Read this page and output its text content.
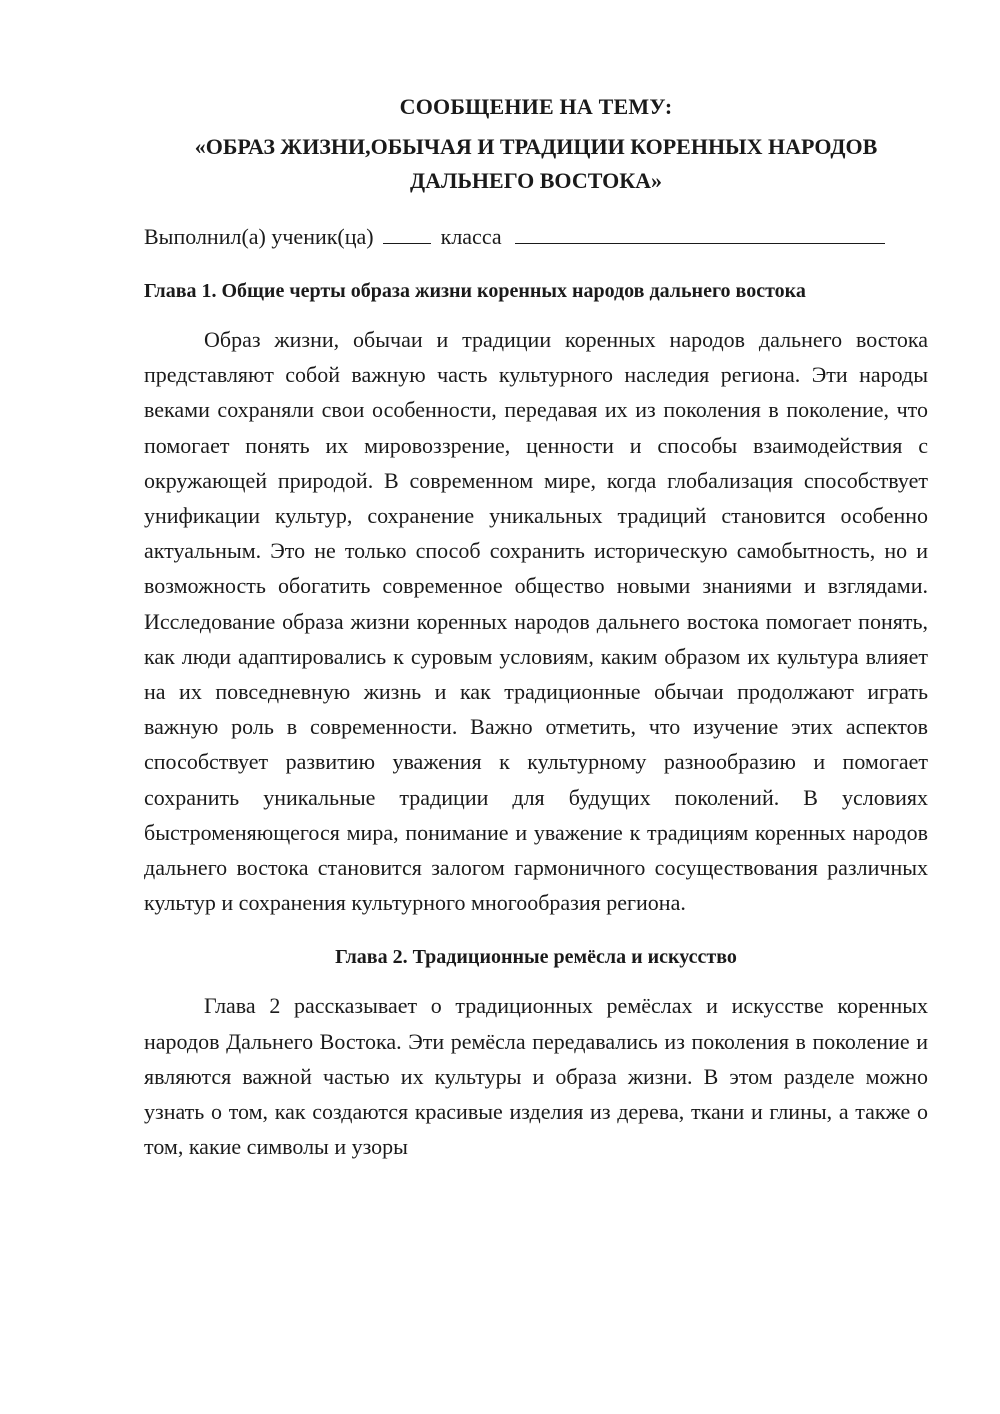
СООБЩЕНИЕ НА ТЕМУ:
«ОБРАЗ ЖИЗНИ,ОБЫЧАЯ И ТРАДИЦИИ КОРЕННЫХ НАРОДОВ ДАЛЬНЕГО ВОСТОКА»

Выполнил(а) ученик(ца)	класса

Глава 1. Общие черты образа жизни коренных народов дальнего востока

Образ жизни, обычаи и традиции коренных народов дальнего востока представляют собой важную часть культурного наследия региона. Эти народы веками сохраняли свои особенности, передавая их из поколения в поколение, что помогает понять их мировоззрение, ценности и способы взаимодействия с окружающей природой. В современном мире, когда глобализация способствует унификации культур, сохранение уникальных традиций становится особенно актуальным. Это не только способ сохранить историческую самобытность, но и возможность обогатить современное общество новыми знаниями и взглядами. Исследование образа жизни коренных народов дальнего востока помогает понять, как люди адаптировались к суровым условиям, каким образом их культура влияет на их повседневную жизнь и как традиционные обычаи продолжают играть важную роль в современности. Важно отметить, что изучение этих аспектов способствует развитию уважения к культурному разнообразию и помогает сохранить уникальные традиции для будущих поколений. В условиях быстроменяющегося мира, понимание и уважение к традициям коренных народов дальнего востока становится залогом гармоничного сосуществования различных культур и сохранения культурного многообразия региона.

Глава 2. Традиционные ремёсла и искусство

Глава 2 рассказывает о традиционных ремёслах и искусстве коренных народов Дальнего Востока. Эти ремёсла передавались из поколения в поколение и являются важной частью их культуры и образа жизни. В этом разделе можно узнать о том, как создаются красивые изделия из дерева, ткани и глины, а также о том, какие символы и узоры
